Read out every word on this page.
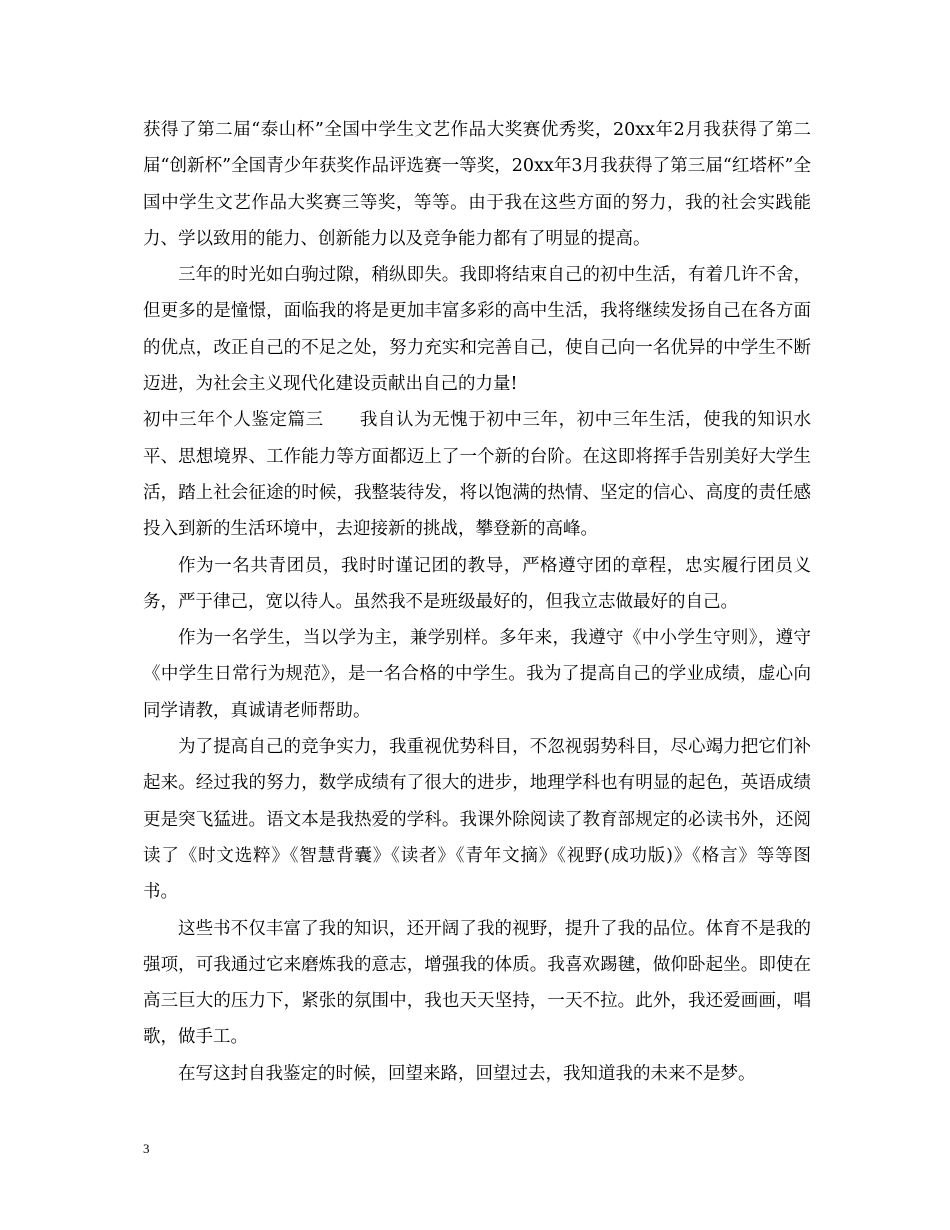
获得了第二届“泰山杯”全国中学生文艺作品大奖赛优秀奖，20xx年2月我获得了第二届“创新杯”全国青少年获奖作品评选赛一等奖，20xx年3月我获得了第三届“红塔杯”全国中学生文艺作品大奖赛三等奖，等等。由于我在这些方面的努力，我的社会实践能力、学以致用的能力、创新能力以及竞争能力都有了明显的提高。

三年的时光如白驹过隙，稍纵即失。我即将结束自己的初中生活，有着几许不舍，但更多的是憧憬，面临我的将是更加丰富多彩的高中生活，我将继续发扬自己在各方面的优点，改正自己的不足之处，努力充实和完善自己，使自己向一名优异的中学生不断迈进，为社会主义现代化建设贡献出自己的力量!

初中三年个人鉴定篇三　　我自认为无愧于初中三年，初中三年生活，使我的知识水平、思想境界、工作能力等方面都迈上了一个新的台阶。在这即将挥手告别美好大学生活，踏上社会征途的时候，我整装待发，将以饱满的热情、坚定的信心、高度的责任感投入到新的生活环境中，去迎接新的挑战，攀登新的高峰。

作为一名共青团员，我时时谨记团的教导，严格遵守团的章程，忠实履行团员义务，严于律己，宽以待人。虽然我不是班级最好的，但我立志做最好的自己。

作为一名学生，当以学为主，兼学别样。多年来，我遵守《中小学生守则》，遵守《中学生日常行为规范》，是一名合格的中学生。我为了提高自己的学业成绩，虚心向同学请教，真诚请老师帮助。

为了提高自己的竞争实力，我重视优势科目，不忽视弱势科目，尽心竭力把它们补起来。经过我的努力，数学成绩有了很大的进步，地理学科也有明显的起色，英语成绩更是突飞猛进。语文本是我热爱的学科。我课外除阅读了教育部规定的必读书外，还阅读了《时文选粹》《智慧背囊》《读者》《青年文摘》《视野(成功版)》《格言》等等图书。

这些书不仅丰富了我的知识，还开阔了我的视野，提升了我的品位。体育不是我的强项，可我通过它来磨炼我的意志，增强我的体质。我喜欢踢毽，做仰卧起坐。即使在高三巨大的压力下，紧张的氛围中，我也天天坚持，一天不拉。此外，我还爱画画，唱歌，做手工。

在写这封自我鉴定的时候，回望来路，回望过去，我知道我的未来不是梦。

3
